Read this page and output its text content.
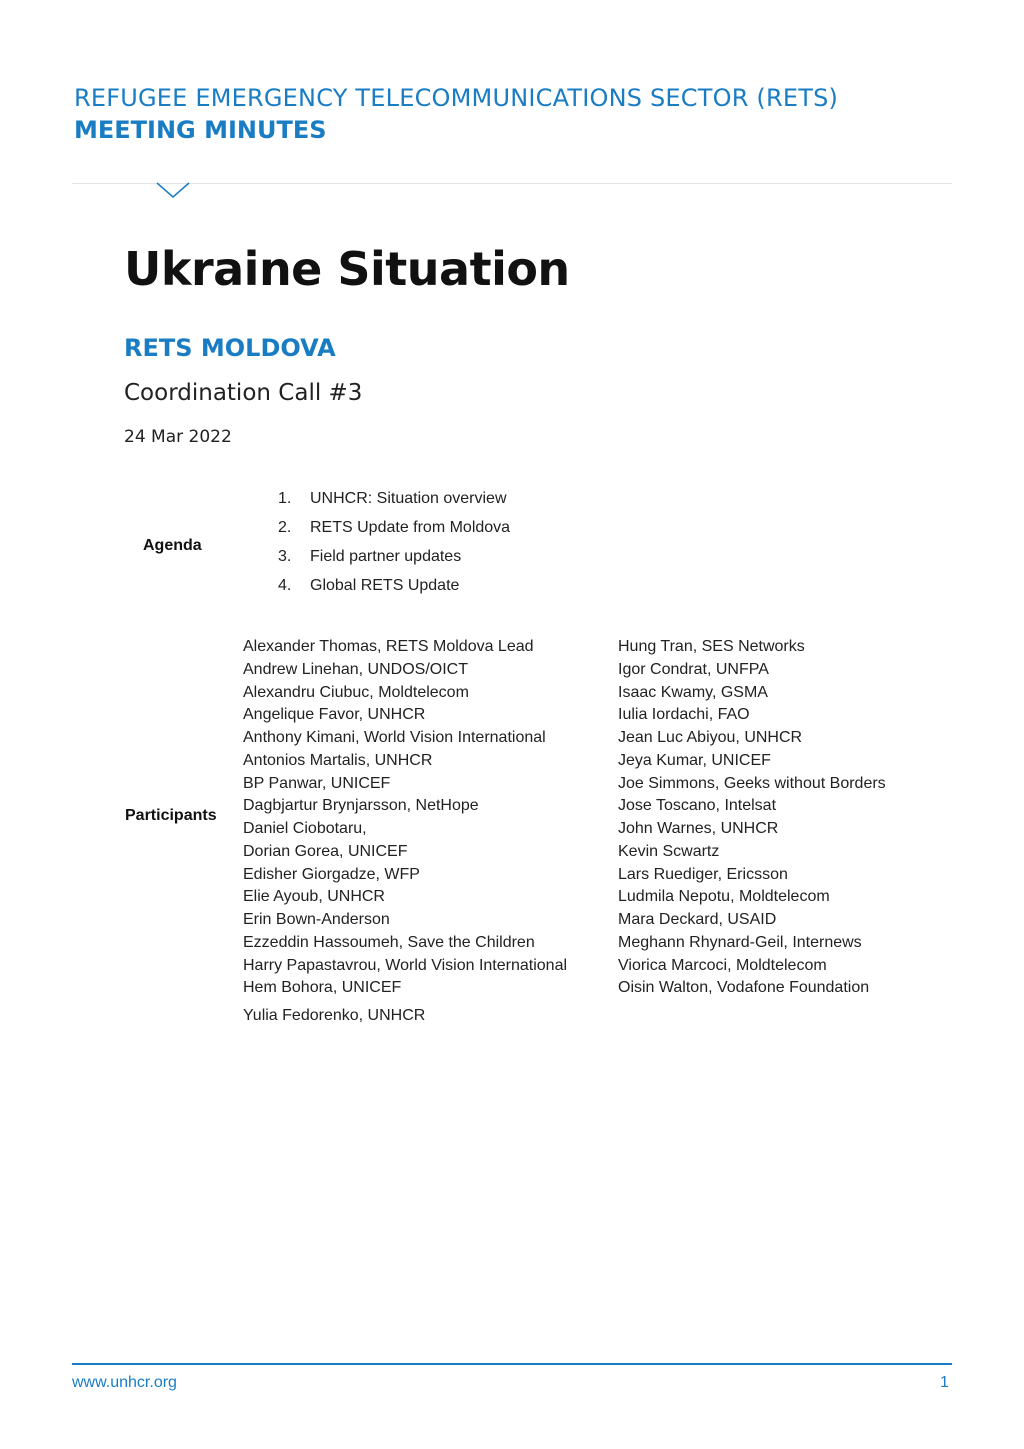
REFUGEE EMERGENCY TELECOMMUNICATIONS SECTOR (RETS)
MEETING MINUTES
Ukraine Situation
RETS MOLDOVA
Coordination Call #3
24 Mar 2022
Agenda
1. UNHCR: Situation overview
2. RETS Update from Moldova
3. Field partner updates
4. Global RETS Update
Participants
Alexander Thomas, RETS Moldova Lead
Andrew Linehan, UNDOS/OICT
Alexandru Ciubuc, Moldtelecom
Angelique Favor, UNHCR
Anthony Kimani, World Vision International
Antonios Martalis, UNHCR
BP Panwar, UNICEF
Dagbjartur Brynjarsson, NetHope
Daniel Ciobotaru,
Dorian Gorea, UNICEF
Edisher Giorgadze, WFP
Elie Ayoub, UNHCR
Erin Bown-Anderson
Ezzeddin Hassoumeh, Save the Children
Harry Papastavrou, World Vision International
Hem Bohora, UNICEF
Yulia Fedorenko, UNHCR
Hung Tran, SES Networks
Igor Condrat, UNFPA
Isaac Kwamy, GSMA
Iulia Iordachi, FAO
Jean Luc Abiyou, UNHCR
Jeya Kumar, UNICEF
Joe Simmons, Geeks without Borders
Jose Toscano, Intelsat
John Warnes, UNHCR
Kevin Scwartz
Lars Ruediger, Ericsson
Ludmila Nepotu, Moldtelecom
Mara Deckard, USAID
Meghann Rhynard-Geil, Internews
Viorica Marcoci, Moldtelecom
Oisin Walton, Vodafone Foundation
www.unhcr.org	1
